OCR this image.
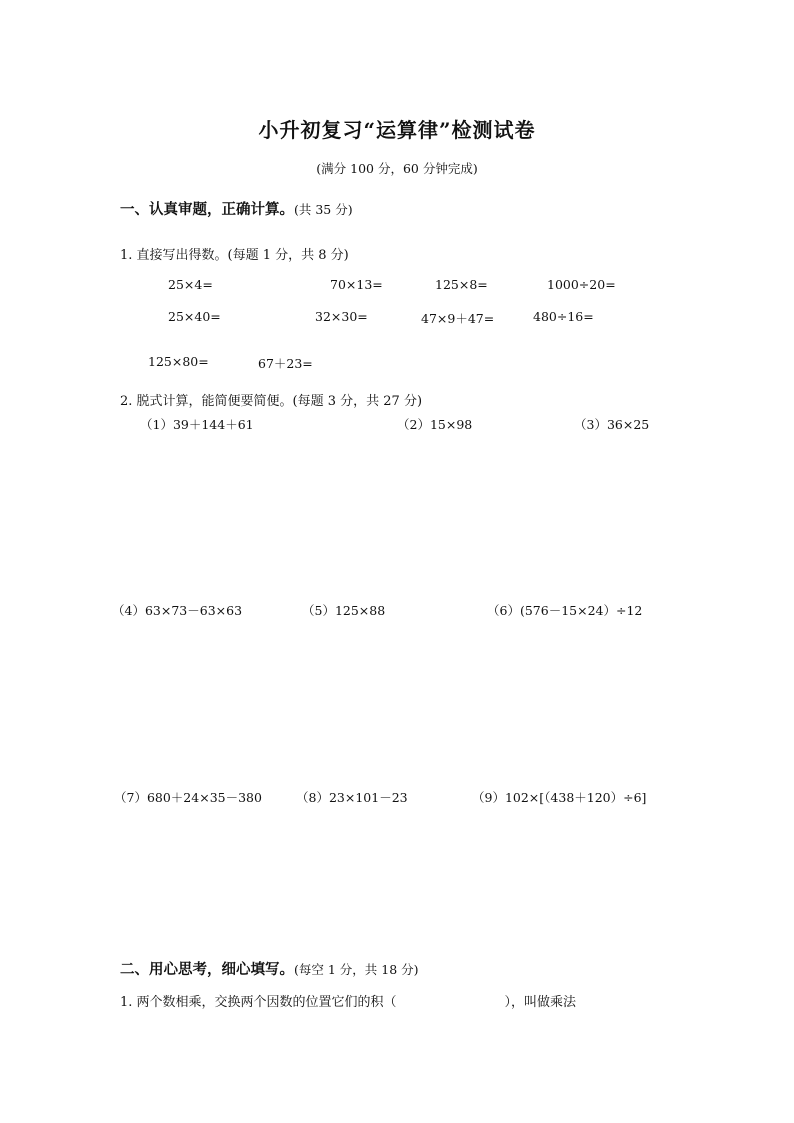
小升初复习“运算律”检测试卷
(满分 100 分，60 分钟完成)
一、认真审题，正确计算。(共 35 分)
1. 直接写出得数。(每题 1 分，共 8 分)
25×4=	70×13=	125×8=	1000÷20=
25×40=	32×30=	47×9＋47=	480÷16=
125×80=	67＋23=
2. 脱式计算，能简便要简便。(每题 3 分，共 27 分)
（1）39＋144＋61	（2）15×98	（3）36×25
（4）63×73－63×63	（5）125×88	（6）(576－15×24）÷12
（7）680＋24×35－380	（8）23×101－23	（9）102×[（438＋120）÷6]
二、用心思考，细心填写。(每空 1 分，共 18 分)
1. 两个数相乘，交换两个因数的位置它们的积（	），叫做乘法
